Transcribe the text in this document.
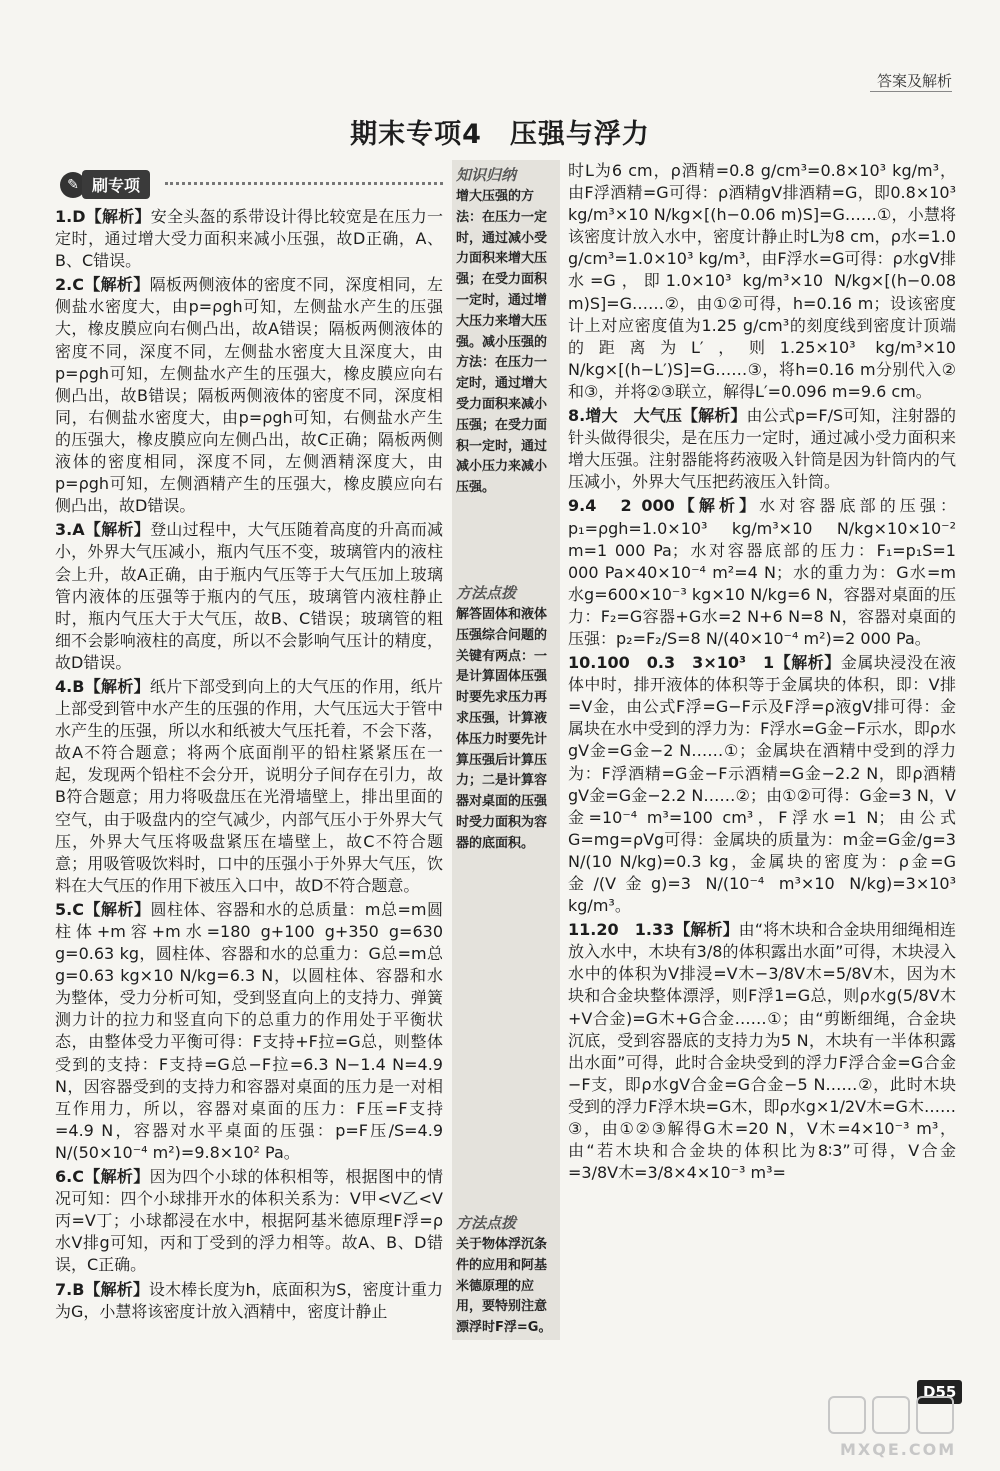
答案及解析
期末专项4　压强与浮力
✎ 刷专项

1.D【解析】安全头盔的系带设计得比较宽是在压力一定时，通过增大受力面积来减小压强，故D正确，A、B、C错误。

2.C【解析】隔板两侧液体的密度不同，深度相同，左侧盐水密度大，由p=ρgh可知，左侧盐水产生的压强大，橡皮膜应向右侧凸出，故A错误；隔板两侧液体的密度不同，深度不同，左侧盐水密度大且深度大，由p=ρgh可知，左侧盐水产生的压强大，橡皮膜应向右侧凸出，故B错误；隔板两侧液体的密度不同，深度相同，右侧盐水密度大，由p=ρgh可知，右侧盐水产生的压强大，橡皮膜应向左侧凸出，故C正确；隔板两侧液体的密度相同，深度不同，左侧酒精深度大，由p=ρgh可知，左侧酒精产生的压强大，橡皮膜应向右侧凸出，故D错误。

3.A【解析】登山过程中，大气压随着高度的升高而减小，外界大气压减小，瓶内气压不变，玻璃管内的液柱会上升，故A正确，由于瓶内气压等于大气压加上玻璃管内液体的压强等于瓶内的气压，玻璃管内液柱静止时，瓶内气压大于大气压，故B、C错误；玻璃管的粗细不会影响液柱的高度，所以不会影响气压计的精度，故D错误。

4.B【解析】纸片下部受到向上的大气压的作用，纸片上部受到管中水产生的压强的作用，大气压远大于管中水产生的压强，所以水和纸被大气压托着，不会下落，故A不符合题意；将两个底面削平的铅柱紧紧压在一起，发现两个铅柱不会分开，说明分子间存在引力，故B符合题意；用力将吸盘压在光滑墙壁上，排出里面的空气，由于吸盘内的空气减少，内部气压小于外界大气压，外界大气压将吸盘紧压在墙壁上，故C不符合题意；用吸管吸饮料时，口中的压强小于外界大气压，饮料在大气压的作用下被压入口中，故D不符合题意。

5.C【解析】圆柱体、容器和水的总质量：m总=m圆柱体+m容+m水=180 g+100 g+350 g=630 g=0.63 kg，圆柱体、容器和水的总重力：G总=m总g=0.63 kg×10 N/kg=6.3 N，以圆柱体、容器和水为整体，受力分析可知，受到竖直向上的支持力、弹簧测力计的拉力和竖直向下的总重力的作用处于平衡状态，由整体受力平衡可得：F支持+F拉=G总，则整体受到的支持：F支持=G总−F拉=6.3 N−1.4 N=4.9 N，因容器受到的支持力和容器对桌面的压力是一对相互作用力，所以，容器对桌面的压力：F压=F支持=4.9 N，容器对水平桌面的压强：p=F压/S=4.9 N/(50×10⁻⁴ m²)=9.8×10² Pa。

6.C【解析】因为四个小球的体积相等，根据图中的情况可知：四个小球排开水的体积关系为：V甲<V乙<V丙=V丁；小球都浸在水中，根据阿基米德原理F浮=ρ水V排g可知，丙和丁受到的浮力相等。故A、B、D错误，C正确。

7.B【解析】设木棒长度为h，底面积为S，密度计重力为G，小慧将该密度计放入酒精中，密度计静止

时L为6 cm，ρ酒精=0.8 g/cm³=0.8×10³ kg/m³，由F浮酒精=G可得：ρ酒精gV排酒精=G，即0.8×10³ kg/m³×10 N/kg×[(h−0.06 m)S]=G……①，小慧将该密度计放入水中，密度计静止时L为8 cm，ρ水=1.0 g/cm³=1.0×10³ kg/m³，由F浮水=G可得：ρ水gV排水=G，即1.0×10³ kg/m³×10 N/kg×[(h−0.08 m)S]=G……②，由①②可得，h=0.16 m；设该密度计上对应密度值为1.25 g/cm³的刻度线到密度计顶端的距离为L′，则1.25×10³ kg/m³×10 N/kg×[(h−L′)S]=G……③，将h=0.16 m分别代入②和③，并将②③联立，解得L′=0.096 m=9.6 cm。

8.增大　大气压【解析】由公式p=F/S可知，注射器的针头做得很尖，是在压力一定时，通过减小受力面积来增大压强。注射器能将药液吸入针筒是因为针筒内的气压减小，外界大气压把药液压入针筒。

9.4　2 000【解析】水对容器底部的压强：p₁=ρgh=1.0×10³ kg/m³×10 N/kg×10×10⁻² m=1 000 Pa；水对容器底部的压力：F₁=p₁S=1 000 Pa×40×10⁻⁴ m²=4 N；水的重力为：G水=m水g=600×10⁻³ kg×10 N/kg=6 N，容器对桌面的压力：F₂=G容器+G水=2 N+6 N=8 N，容器对桌面的压强：p₂=F₂/S=8 N/(40×10⁻⁴ m²)=2 000 Pa。

10.100　0.3　3×10³　1【解析】金属块浸没在液体中时，排开液体的体积等于金属块的体积，即：V排=V金，由公式F浮=G−F示及F浮=ρ液gV排可得：金属块在水中受到的浮力为：F浮水=G金−F示水，即ρ水gV金=G金−2 N……①；金属块在酒精中受到的浮力为：F浮酒精=G金−F示酒精=G金−2.2 N，即ρ酒精gV金=G金−2.2 N……②；由①②可得：G金=3 N，V金=10⁻⁴ m³=100 cm³，F浮水=1 N；由公式G=mg=ρVg可得：金属块的质量为：m金=G金/g=3 N/(10 N/kg)=0.3 kg，金属块的密度为：ρ金=G金/(V金g)=3 N/(10⁻⁴ m³×10 N/kg)=3×10³ kg/m³。

11.20　1.33【解析】由“将木块和合金块用细绳相连放入水中，木块有3/8的体积露出水面”可得，木块浸入水中的体积为V排浸=V木−3/8V木=5/8V木，因为木块和合金块整体漂浮，则F浮1=G总，则ρ水g(5/8V木+V合金)=G木+G合金……①；由“剪断细绳，合金块沉底，受到容器底的支持力为5 N，木块有一半体积露出水面”可得，此时合金块受到的浮力F浮合金=G合金−F支，即ρ水gV合金=G合金−5 N……②，此时木块受到的浮力F浮木块=G木，即ρ水g×1/2V木=G木……③，由①②③解得G木=20 N，V木=4×10⁻³ m³，由“若木块和合金块的体积比为8∶3”可得，V合金=3/8V木=3/8×4×10⁻³ m³=

知识归纳
增大压强的方法：在压力一定时，通过减小受力面积来增大压强；在受力面积一定时，通过增大压力来增大压强。减小压强的方法：在压力一定时，通过增大受力面积来减小压强；在受力面积一定时，通过减小压力来减小压强。
方法点拨
解答固体和液体压强综合问题的关键有两点：一是计算固体压强时要先求压力再求压强，计算液体压力时要先计算压强后计算压力；二是计算容器对桌面的压强时受力面积为容器的底面积。
方法点拨
关于物体浮沉条件的应用和阿基米德原理的应用，要特别注意漂浮时F浮=G。
D55
MXQE.COM
